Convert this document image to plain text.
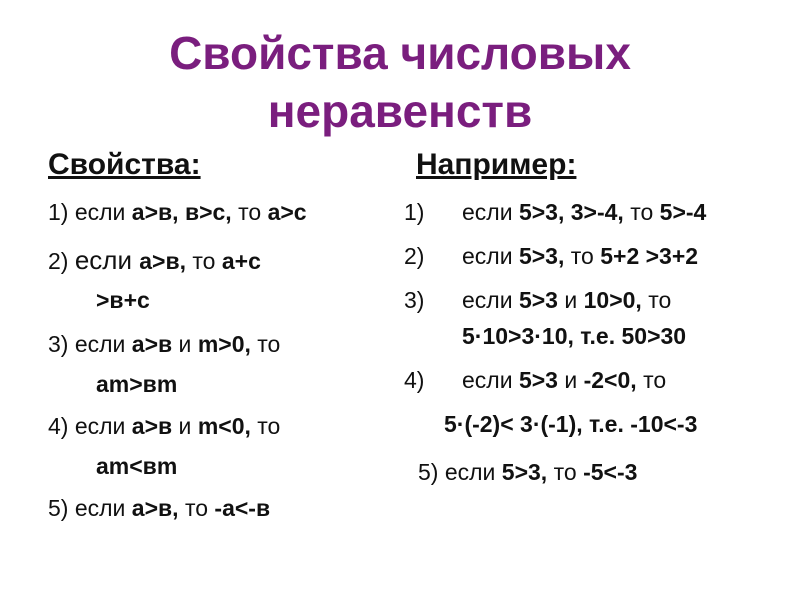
Свойства числовых
неравенств
Свойства:
1) если а>в, в>с, то а>с
2) если а>в, то а+с
>в+с
3) если а>в и m>0, то
аm>вm
4) если а>в и m<0, то
аm<вm
5) если а>в, то -а<-в
Например:
1) если 5>3, 3>-4, то 5>-4
2) если 5>3, то 5+2 >3+2
3) если 5>3 и 10>0, то
5·10>3·10, т.е. 50>30
4) если 5>3 и -2<0, то
5·(-2)< 3·(-1), т.е. -10<-3
5) если 5>3, то -5<-3
